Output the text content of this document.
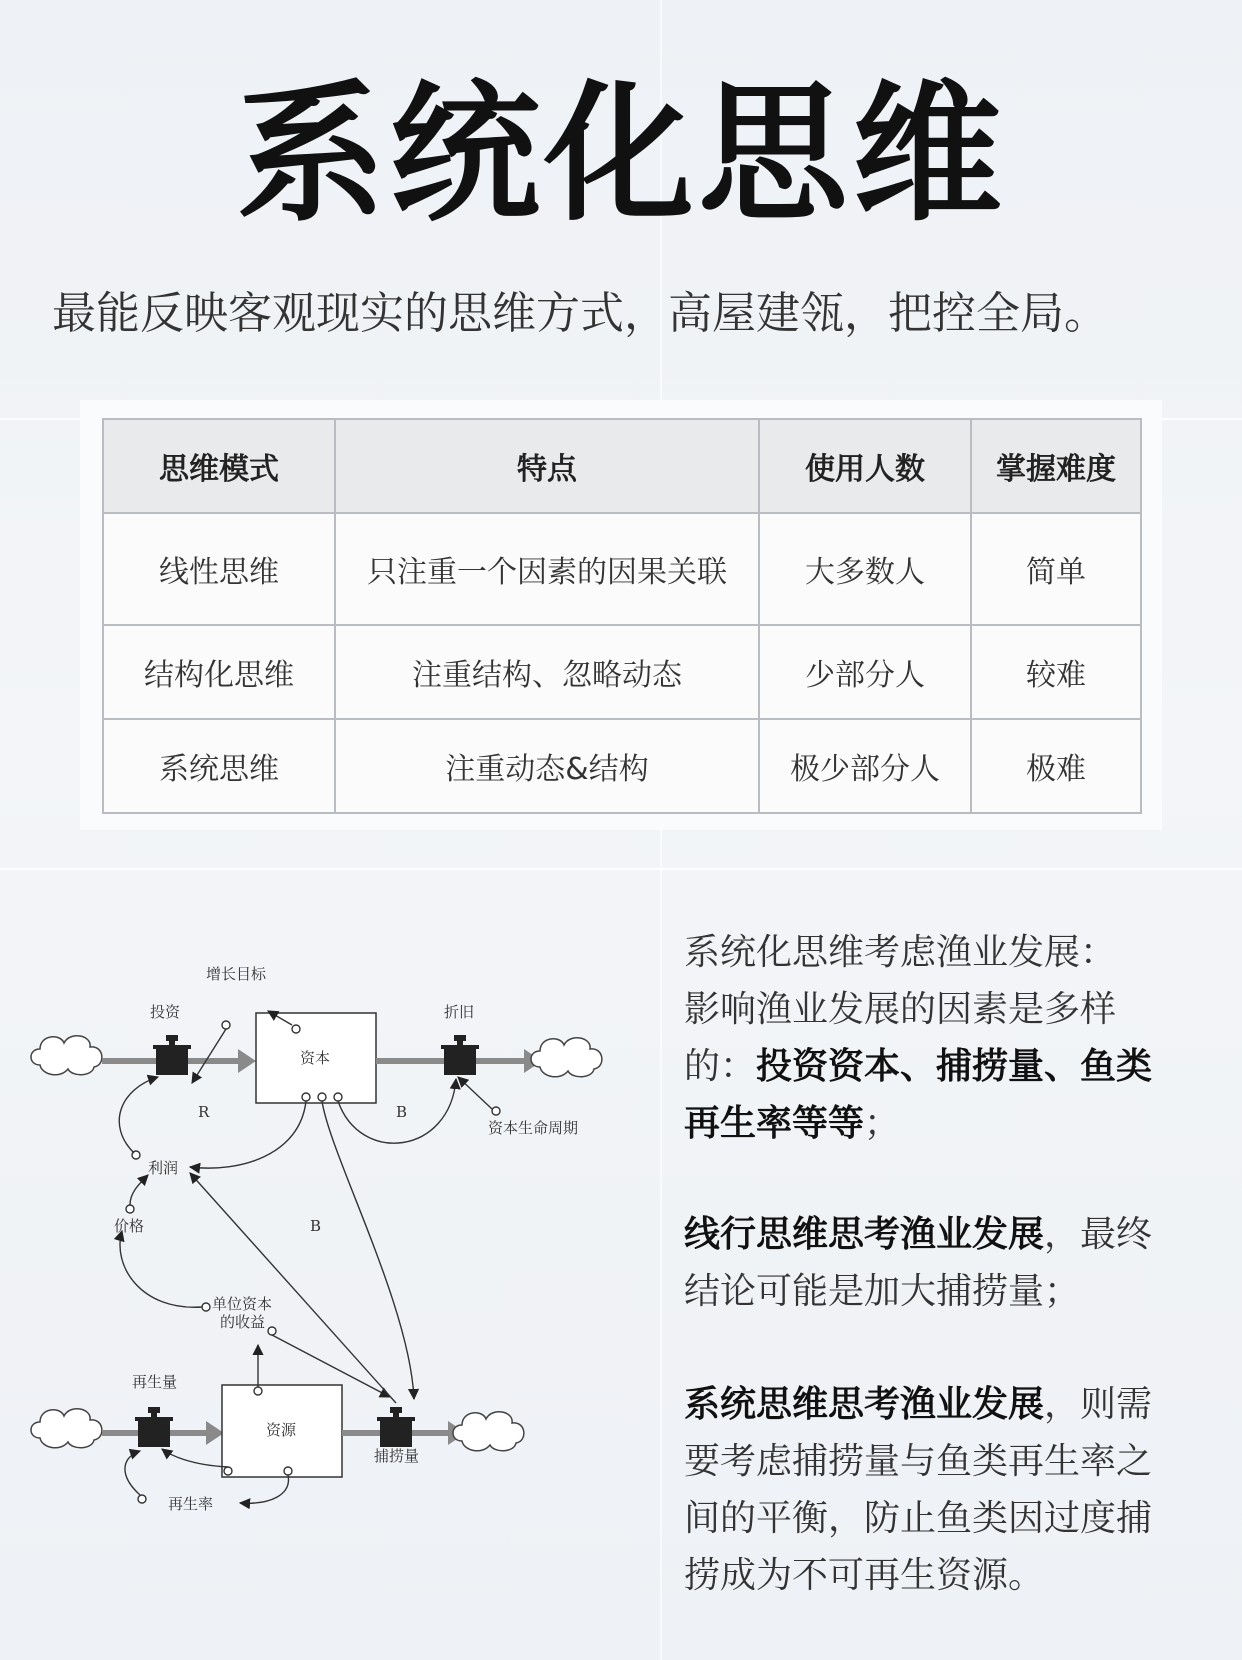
系统化思维
最能反映客观现实的思维方式，高屋建瓴，把控全局。
思维模式	特点	使用人数	掌握难度
线性思维	只注重一个因素的因果关联	大多数人	简单
结构化思维	注重结构、忽略动态	少部分人	较难
系统思维	注重动态&结构	极少部分人	极难
增长目标
投资
资本
折旧
资本生命周期
R	B
利润
价格	B
单位资本
的收益
再生量
资源
捕捞量
再生率
系统化思维考虑渔业发展：
影响渔业发展的因素是多样
的：投资资本、捕捞量、鱼类
再生率等等；
线行思维思考渔业发展，最终
结论可能是加大捕捞量；
系统思维思考渔业发展，则需
要考虑捕捞量与鱼类再生率之
间的平衡，防止鱼类因过度捕
捞成为不可再生资源。
